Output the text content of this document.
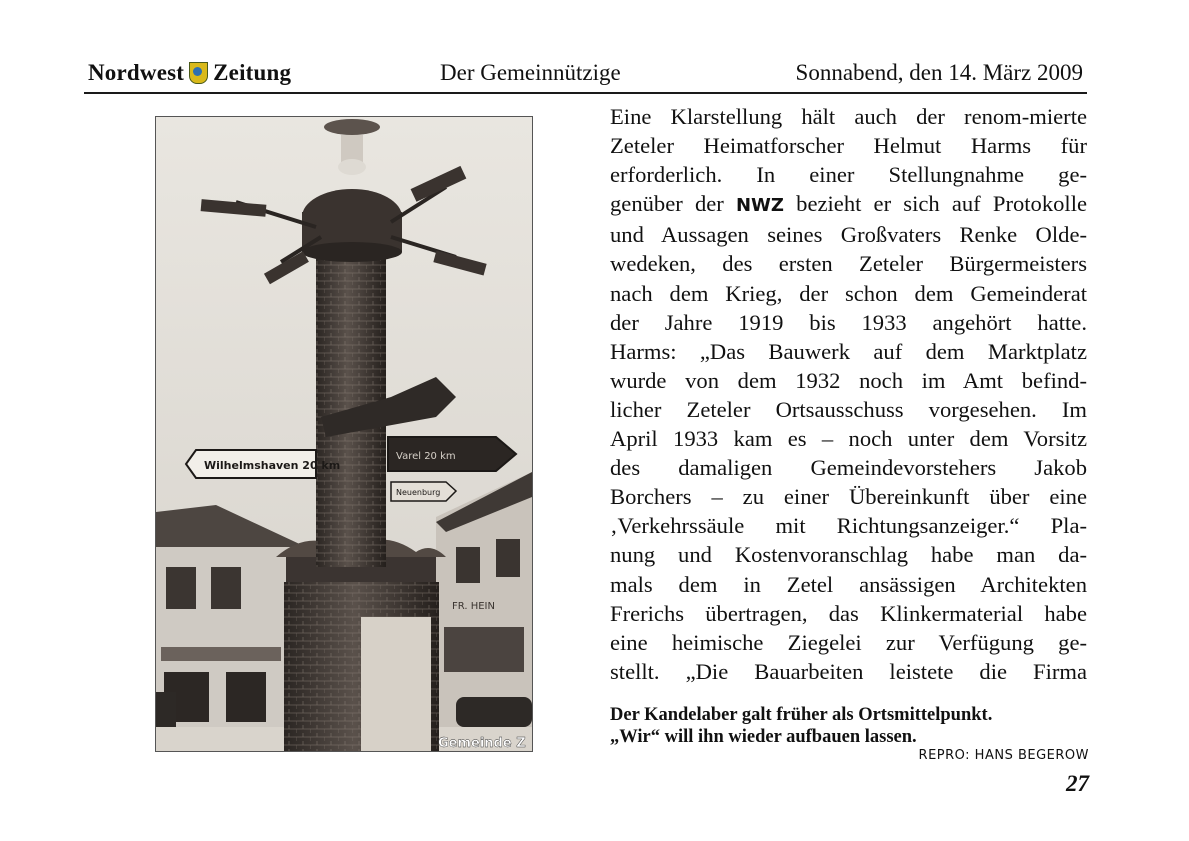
Nordwest Zeitung	Der Gemeinnützige	Sonnabend, den 14. März 2009
FR. HEIN
Wilhelmshaven 20 km
Varel 20 km
Neuenburg
Gemeinde Z
Eine Klarstellung hält auch der renom-mierte
Zeteler Heimatforscher Helmut Harms für
erforderlich. In einer Stellungnahme ge-
genüber der NWZ bezieht er sich auf Protokolle
und Aussagen seines Großvaters Renke Olde-
wedeken, des ersten Zeteler Bürgermeisters
nach dem Krieg, der schon dem Gemeinderat
der Jahre 1919 bis 1933 angehört hatte.
Harms: „Das Bauwerk auf dem Marktplatz
wurde von dem 1932 noch im Amt befind-
licher Zeteler Ortsausschuss vorgesehen. Im
April 1933 kam es – noch unter dem Vorsitz
des damaligen Gemeindevorstehers Jakob
Borchers – zu einer Übereinkunft über eine
‚Verkehrssäule mit Richtungsanzeiger.“ Pla-
nung und Kostenvoranschlag habe man da-
mals dem in Zetel ansässigen Architekten
Frerichs übertragen, das Klinkermaterial habe
eine heimische Ziegelei zur Verfügung ge-
stellt. „Die Bauarbeiten leistete die Firma
Der Kandelaber galt früher als Ortsmittelpunkt.
„Wir“ will ihn wieder aufbauen lassen.
REPRO: HANS BEGEROW
27
